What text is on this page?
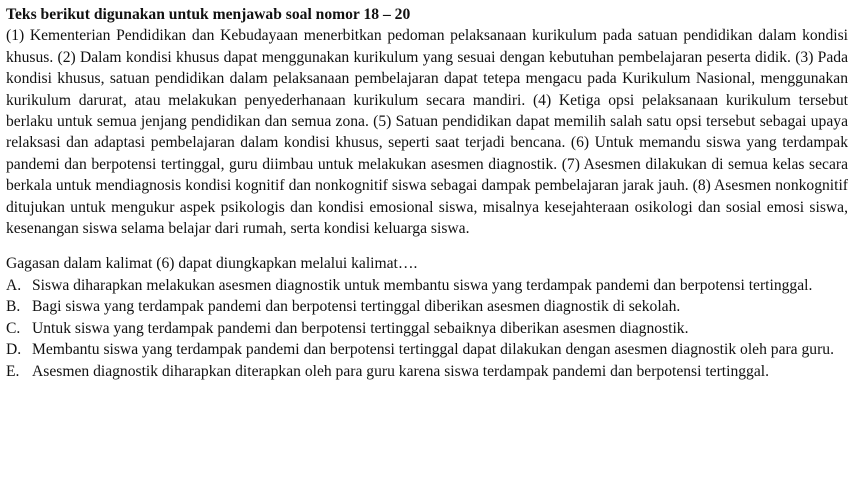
Teks berikut digunakan untuk menjawab soal nomor 18 – 20

(1) Kementerian Pendidikan dan Kebudayaan menerbitkan pedoman pelaksanaan kurikulum pada satuan pendidikan dalam kondisi khusus. (2) Dalam kondisi khusus dapat menggunakan kurikulum yang sesuai dengan kebutuhan pembelajaran peserta didik. (3) Pada kondisi khusus, satuan pendidikan dalam pelaksanaan pembelajaran dapat tetepa mengacu pada Kurikulum Nasional, menggunakan kurikulum darurat, atau melakukan penyederhanaan kurikulum secara mandiri. (4) Ketiga opsi pelaksanaan kurikulum tersebut berlaku untuk semua jenjang pendidikan dan semua zona. (5) Satuan pendidikan dapat memilih salah satu opsi tersebut sebagai upaya relaksasi dan adaptasi pembelajaran dalam kondisi khusus, seperti saat terjadi bencana. (6) Untuk memandu siswa yang terdampak pandemi dan berpotensi tertinggal, guru diimbau untuk melakukan asesmen diagnostik. (7) Asesmen dilakukan di semua kelas secara berkala untuk mendiagnosis kondisi kognitif dan nonkognitif siswa sebagai dampak pembelajaran jarak jauh. (8) Asesmen nonkognitif ditujukan untuk mengukur aspek psikologis dan kondisi emosional siswa, misalnya kesejahteraan osikologi dan sosial emosi siswa, kesenangan siswa selama belajar dari rumah, serta kondisi keluarga siswa.

Gagasan dalam kalimat (6) dapat diungkapkan melalui kalimat….

A. Siswa diharapkan melakukan asesmen diagnostik untuk membantu siswa yang terdampak pandemi dan berpotensi tertinggal.
B. Bagi siswa yang terdampak pandemi dan berpotensi tertinggal diberikan asesmen diagnostik di sekolah.
C. Untuk siswa yang terdampak pandemi dan berpotensi tertinggal sebaiknya diberikan asesmen diagnostik.
D. Membantu siswa yang terdampak pandemi dan berpotensi tertinggal dapat dilakukan dengan asesmen diagnostik oleh para guru.
E. Asesmen diagnostik diharapkan diterapkan oleh para guru karena siswa terdampak pandemi dan berpotensi tertinggal.
